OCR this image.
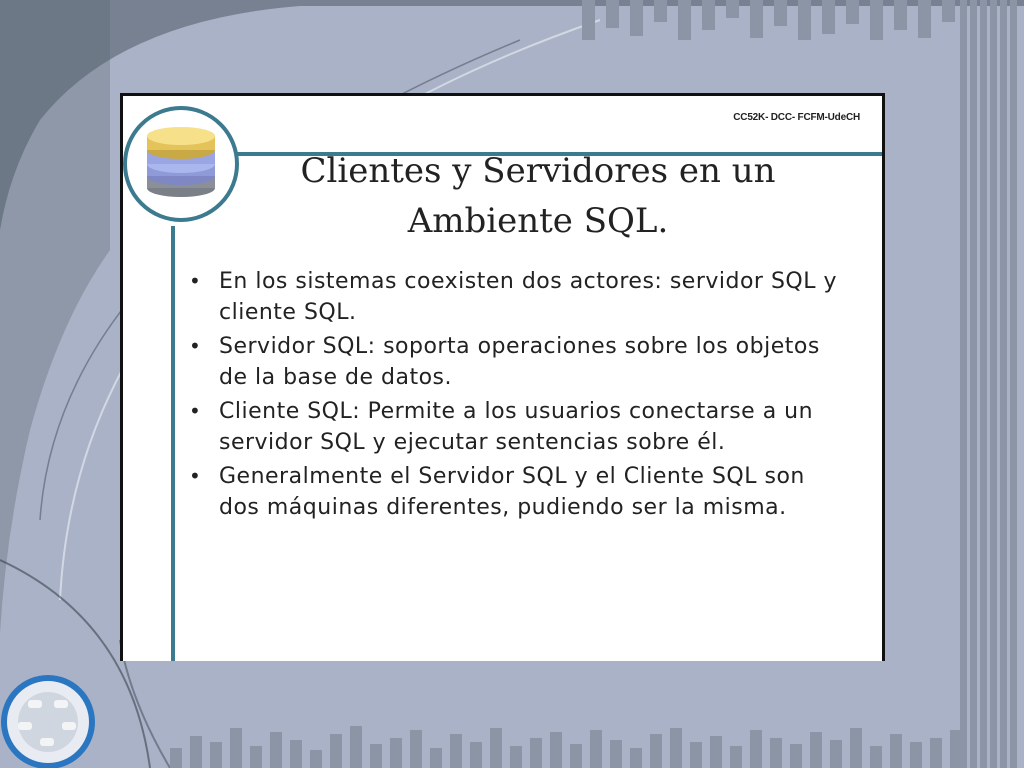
CC52K- DCC- FCFM-UdeCH
Clientes y Servidores en un
Ambiente SQL.
• En los sistemas coexisten dos actores: servidor SQL y cliente SQL.
• Servidor SQL: soporta operaciones sobre los objetos de la base de datos.
• Cliente SQL: Permite a los usuarios conectarse a un servidor SQL y ejecutar sentencias sobre él.
• Generalmente el Servidor SQL y el Cliente SQL son dos máquinas diferentes, pudiendo ser la misma.
